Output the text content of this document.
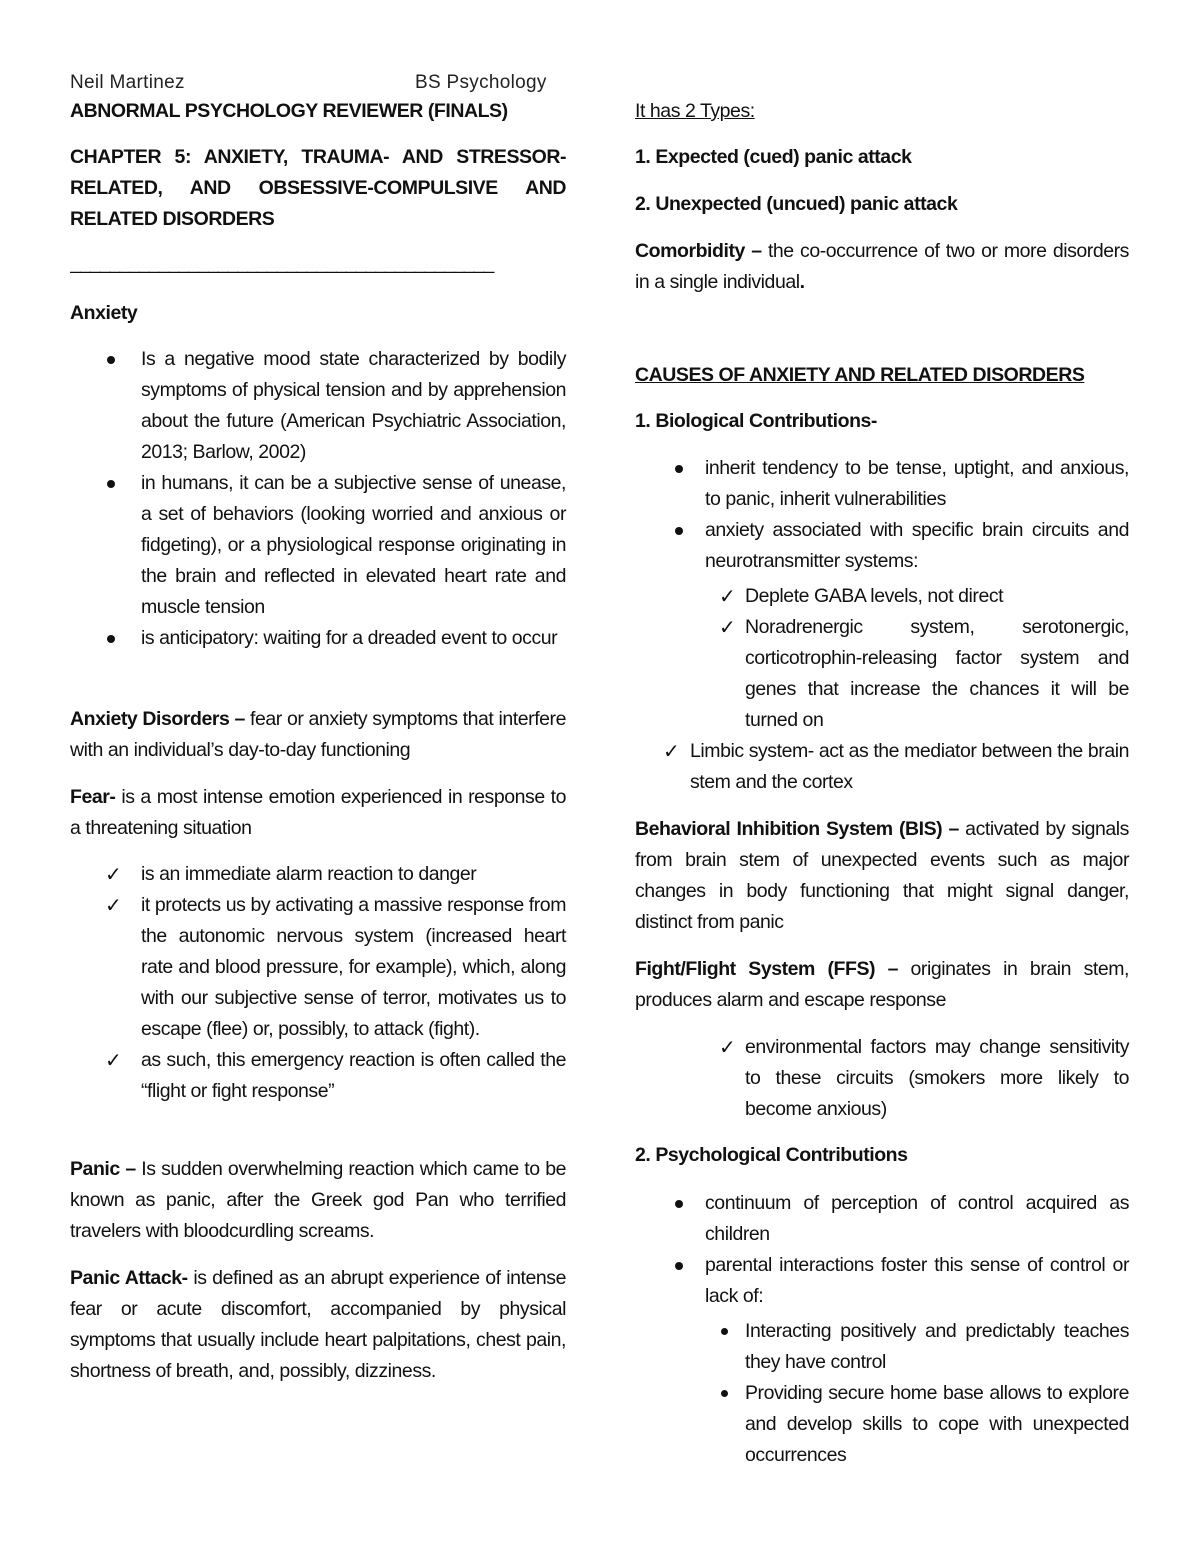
Neil Martinez	BS Psychology

ABNORMAL PSYCHOLOGY REVIEWER (FINALS)

CHAPTER 5: ANXIETY, TRAUMA- AND STRESSOR-RELATED, AND OBSESSIVE-COMPULSIVE AND RELATED DISORDERS

___________________________________________

Anxiety

Is a negative mood state characterized by bodily symptoms of physical tension and by apprehension about the future (American Psychiatric Association, 2013; Barlow, 2002)
in humans, it can be a subjective sense of unease, a set of behaviors (looking worried and anxious or fidgeting), or a physiological response originating in the brain and reflected in elevated heart rate and muscle tension
is anticipatory: waiting for a dreaded event to occur

Anxiety Disorders – fear or anxiety symptoms that interfere with an individual’s day-to-day functioning

Fear- is a most intense emotion experienced in response to a threatening situation

✓ is an immediate alarm reaction to danger
✓ it protects us by activating a massive response from the autonomic nervous system (increased heart rate and blood pressure, for example), which, along with our subjective sense of terror, motivates us to escape (flee) or, possibly, to attack (fight).
✓ as such, this emergency reaction is often called the “flight or fight response”

Panic – Is sudden overwhelming reaction which came to be known as panic, after the Greek god Pan who terrified travelers with bloodcurdling screams.

Panic Attack- is defined as an abrupt experience of intense fear or acute discomfort, accompanied by physical symptoms that usually include heart palpitations, chest pain, shortness of breath, and, possibly, dizziness.

It has 2 Types:

1. Expected (cued) panic attack

2. Unexpected (uncued) panic attack

Comorbidity – the co-occurrence of two or more disorders in a single individual.

CAUSES OF ANXIETY AND RELATED DISORDERS

1. Biological Contributions-

inherit tendency to be tense, uptight, and anxious, to panic, inherit vulnerabilities
anxiety associated with specific brain circuits and neurotransmitter systems:
✓ Deplete GABA levels, not direct
✓ Noradrenergic system, serotonergic, corticotrophin-releasing factor system and genes that increase the chances it will be turned on
✓ Limbic system- act as the mediator between the brain stem and the cortex

Behavioral Inhibition System (BIS) – activated by signals from brain stem of unexpected events such as major changes in body functioning that might signal danger, distinct from panic

Fight/Flight System (FFS) – originates in brain stem, produces alarm and escape response

✓ environmental factors may change sensitivity to these circuits (smokers more likely to become anxious)

2. Psychological Contributions

continuum of perception of control acquired as children
parental interactions foster this sense of control or lack of:
Interacting positively and predictably teaches they have control
Providing secure home base allows to explore and develop skills to cope with unexpected occurrences
